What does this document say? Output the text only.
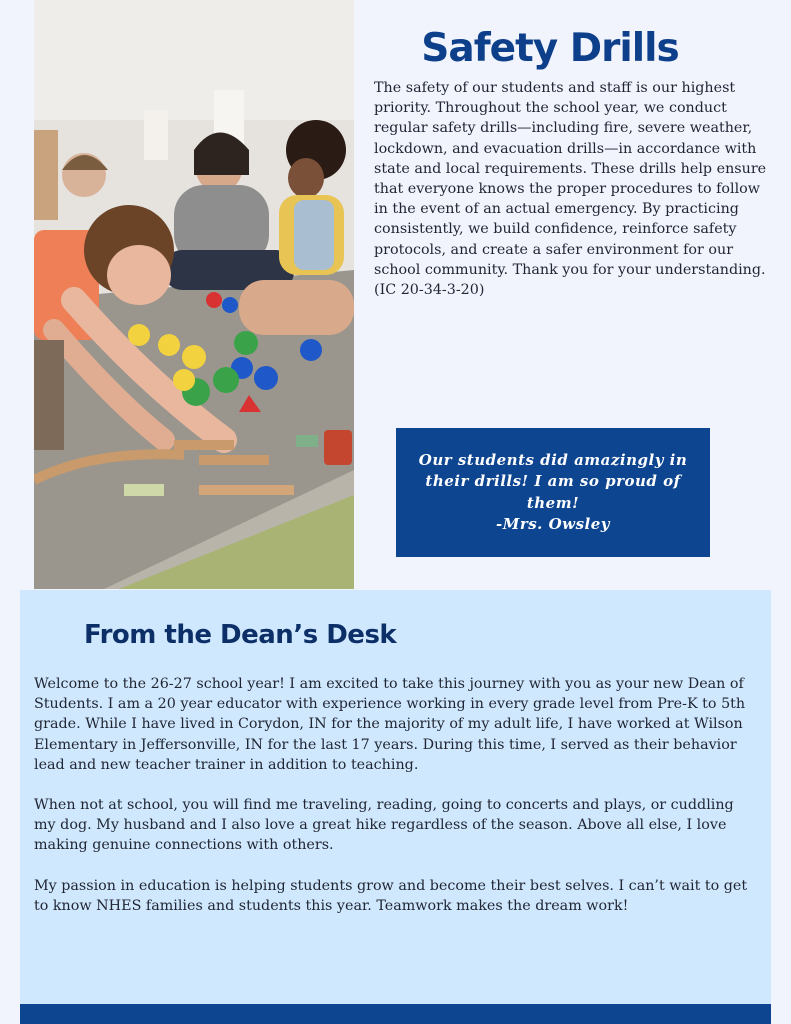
Safety Drills

The safety of our students and staff is our highest priority. Throughout the school year, we conduct regular safety drills—including fire, severe weather, lockdown, and evacuation drills—in accordance with state and local requirements. These drills help ensure that everyone knows the proper procedures to follow in the event of an actual emergency. By practicing consistently, we build confidence, reinforce safety protocols, and create a safer environment for our school community. Thank you for your understanding. (IC 20-34-3-20)

Our students did amazingly in their drills! I am so proud of them!

-Mrs. Owsley

From the Dean’s Desk

Welcome to the 26-27 school year! I am excited to take this journey with you as your new Dean of Students. I am a 20 year educator with experience working in every grade level from Pre-K to 5th grade. While I have lived in Corydon, IN for the majority of my adult life, I have worked at Wilson Elementary in Jeffersonville, IN for the last 17 years. During this time, I served as their behavior lead and new teacher trainer in addition to teaching.

When not at school, you will find me traveling, reading, going to concerts and plays, or cuddling my dog. My husband and I also love a great hike regardless of the season. Above all else, I love making genuine connections with others.

My passion in education is helping students grow and become their best selves. I can’t wait to get to know NHES families and students this year. Teamwork makes the dream work!
